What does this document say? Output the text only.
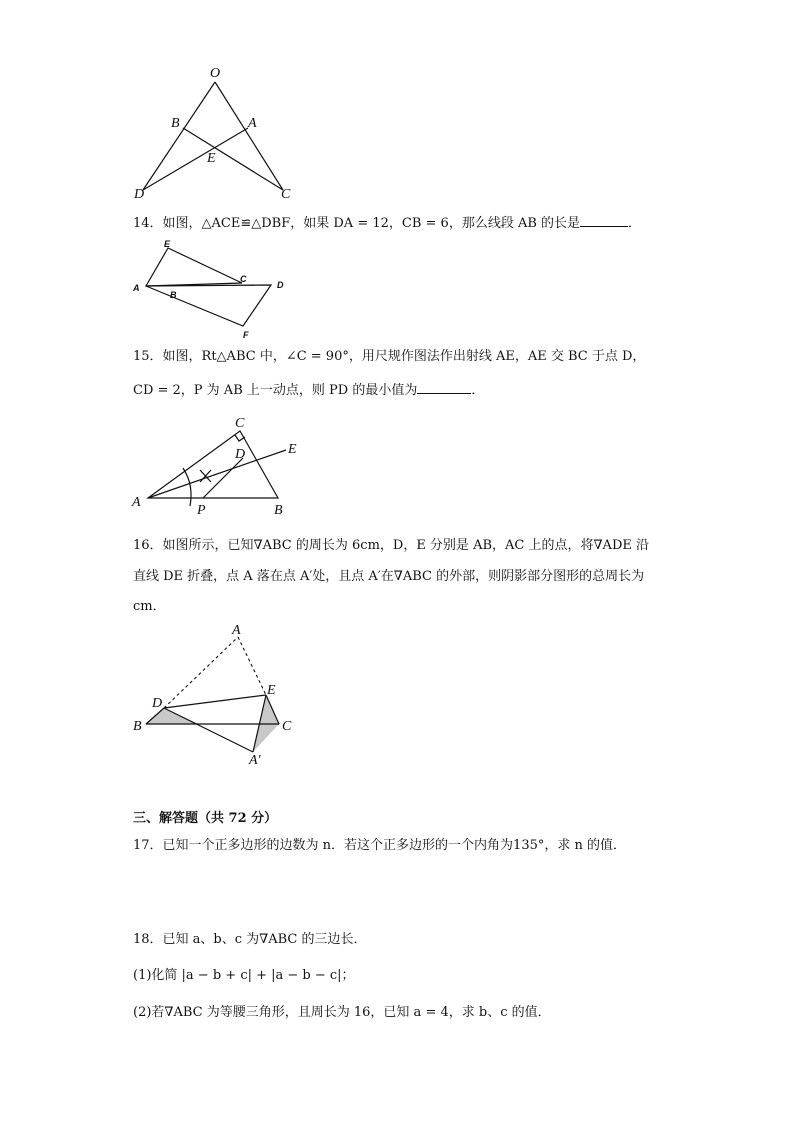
O
B	A
E
D	C
14．如图，△ACE≌△DBF，如果 DA = 12，CB = 6，那么线段 AB 的长是	．
E
C
A
B
D
F
15．如图，Rt△ABC 中，∠C = 90°，用尺规作图法作出射线 AE，AE 交 BC 于点 D，
CD = 2，P 为 AB 上一动点，则 PD 的最小值为	．
C
D	E
A
P	B
16．如图所示，已知∇ABC 的周长为 6cm，D，E 分别是 AB，AC 上的点，将∇ADE 沿
直线 DE 折叠，点 A 落在点 A′处，且点 A′在∇ABC 的外部，则阴影部分图形的总周长为
cm．
A
D
E
B	C
A′
三、解答题（共 72 分）
17．已知一个正多边形的边数为 n．若这个正多边形的一个内角为135°，求 n 的值．
18．已知 a、b、c 为∇ABC 的三边长．
(1)化简 |a − b + c| + |a − b − c|；
(2)若∇ABC 为等腰三角形，且周长为 16，已知 a = 4，求 b、c 的值．
